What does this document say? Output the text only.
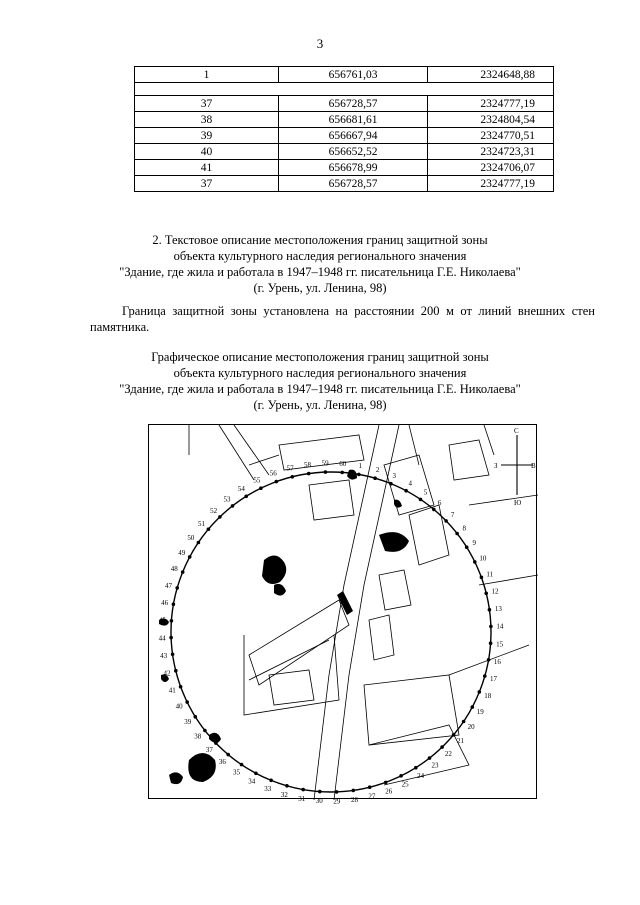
3
1	656761,03	2324648,88

37	656728,57	2324777,19
38	656681,61	2324804,54
39	656667,94	2324770,51
40	656652,52	2324723,31
41	656678,99	2324706,07
37	656728,57	2324777,19
2. Текстовое описание местоположения границ защитной зоны
объекта культурного наследия регионального значения
"Здание, где жила и работала в 1947–1948 гг. писательница Г.Е. Николаева"
(г. Урень, ул. Ленина, 98)
Граница защитной зоны установлена на расстоянии 200 м от линий внешних стен памятника.
Графическое описание местоположения границ защитной зоны
объекта культурного наследия регионального значения
"Здание, где жила и работала в 1947–1948 гг. писательница Г.Е. Николаева"
(г. Урень, ул. Ленина, 98)
С
Ю
З	В
1 2
3
4
5
6
7
8
9
10
11
12
13
14
15
16
17
18
19
20
21
22
23
24
25
26
27
28
29
30
31
32
33
34
35
36
37
38
39
40
41
42
43
44
45
46
47
48
49
50
51
52
53
54
55
56
57 58 59 60
